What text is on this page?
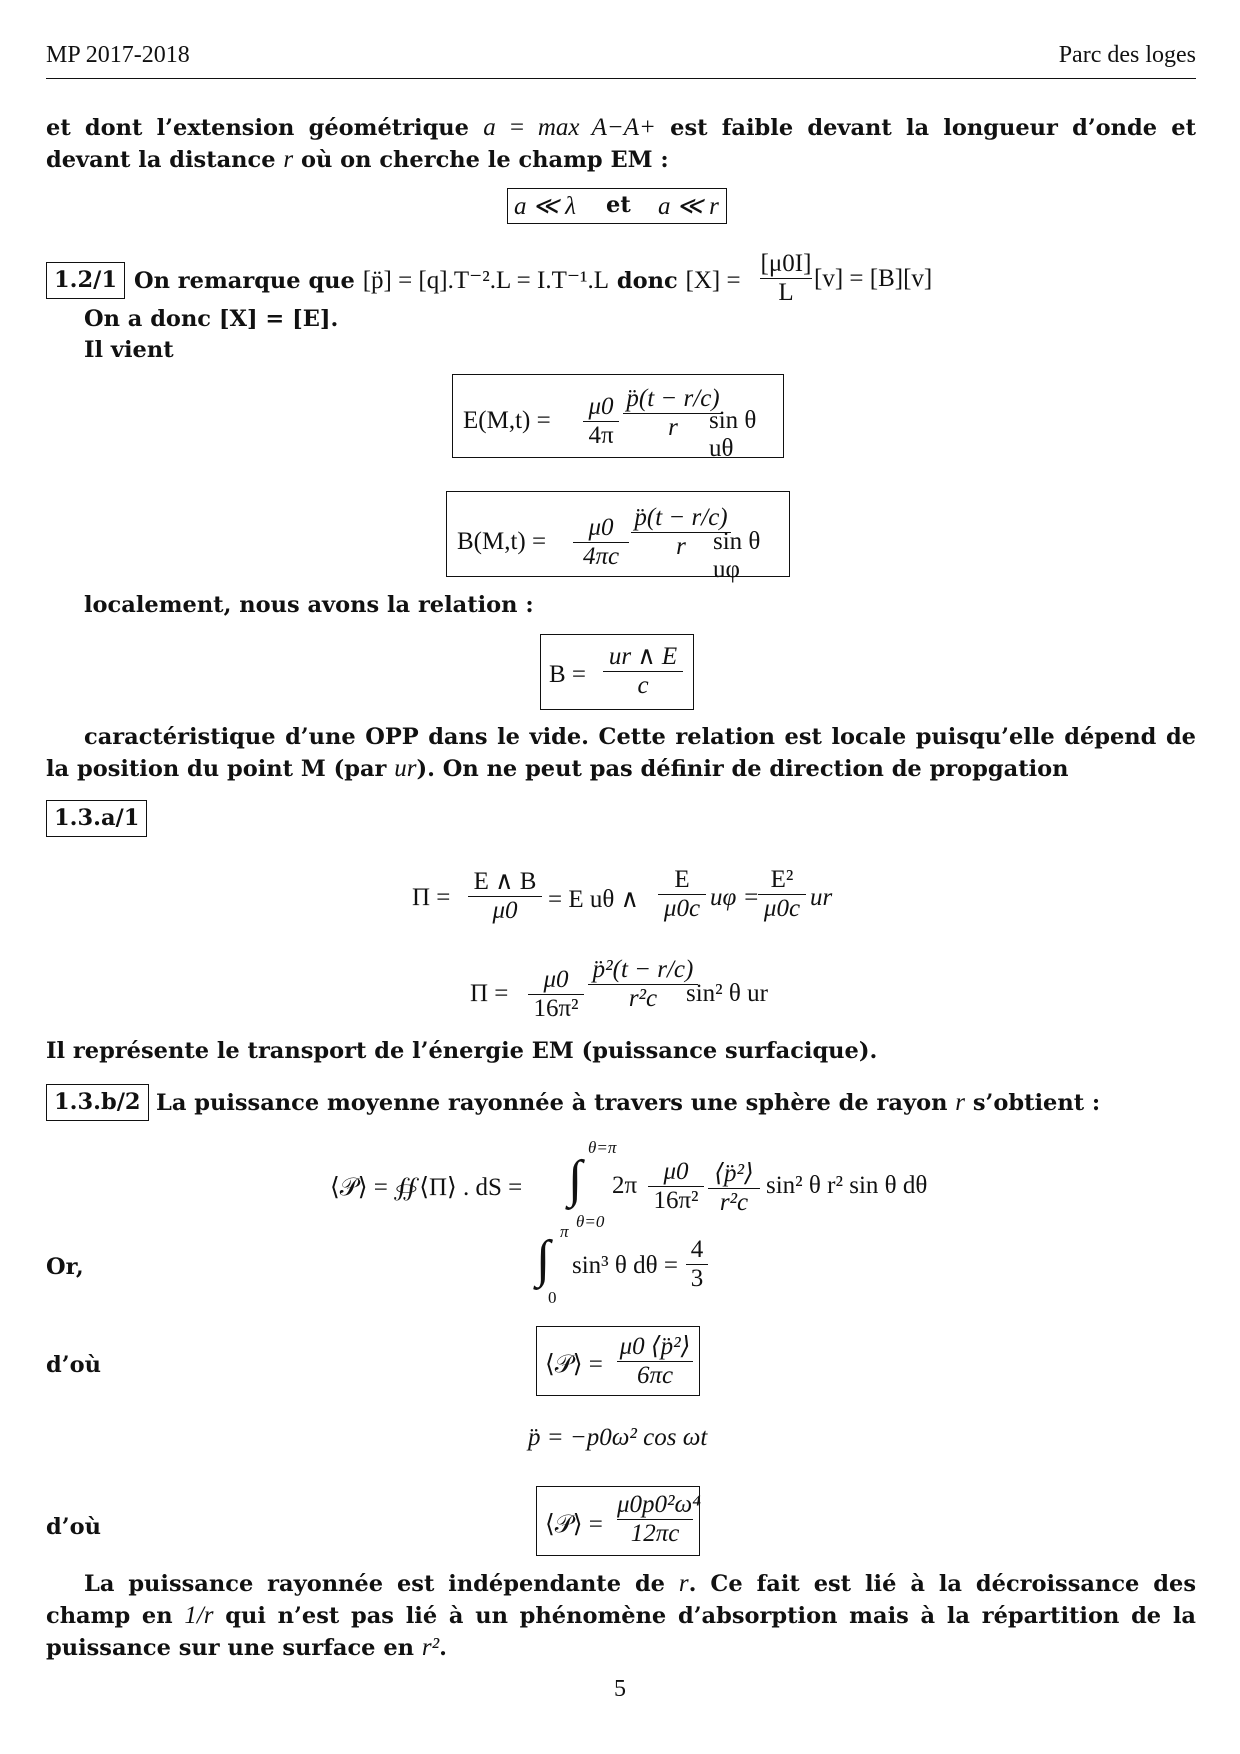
MP 2017-2018	Parc des loges
et dont l’extension géométrique a = max A−A+ est faible devant la longueur d’onde et devant la distance r où on cherche le champ EM :
a ≪ λ et a ≪ r
1.2/1 On remarque que [p̈] = [q].T⁻².L = I.T⁻¹.L donc $[X] = \frac{[\mu 0I]}{L} [v] = [B][v]$
On a donc [X] = [E].
Il vient
E(M,t) =
μ0
4π
p̈(t − r/c)
r	sin θ uθ
B(M,t) =
μ0
4πc
p̈(t − r/c)
r	sin θ uφ
localement, nous avons la relation :
$B = \frac{ur \wedge E}{c}$
caractéristique d’une OPP dans le vide. Cette relation est locale puisqu’elle dépend de la position du point M (par ur). On ne peut pas définir de direction de propgation
1.3.a/1
Π =
E ∧ B
μ0	= E uθ ∧
E
μ0c uφ =
E²
μ0c ur
Π =
μ0
16π²
p̈²(t − r/c)
r²c	sin² θ ur
Il représente le transport de l’énergie EM (puissance surfacique).
1.3.b/2 La puissance moyenne rayonnée à travers une sphère de rayon r s’obtient :
⟨𝒫⟩ = ∯⟨Π⟩ . dS = ∫
θ=π
θ=0
2π
μ0
16π²
⟨p̈²⟩
r²c
sin² θ r² sin θ dθ
Or,	∫ π
0
sin³ θ $d\theta = \frac{4}{3}$
d’où	⟨𝒫⟩ = $\frac{\text{μ0 ⟨p̈²⟩}}{6\pi c}$
p̈ = −p0ω² cos ωt
d’où	⟨𝒫⟩ = $\frac{\text{μ0p0²ω⁴}}{12\pi c}$
La puissance rayonnée est indépendante de r. Ce fait est lié à la décroissance des champ en 1/r qui n’est pas lié à un phénomène d’absorption mais à la répartition de la puissance sur une surface en r².
5
